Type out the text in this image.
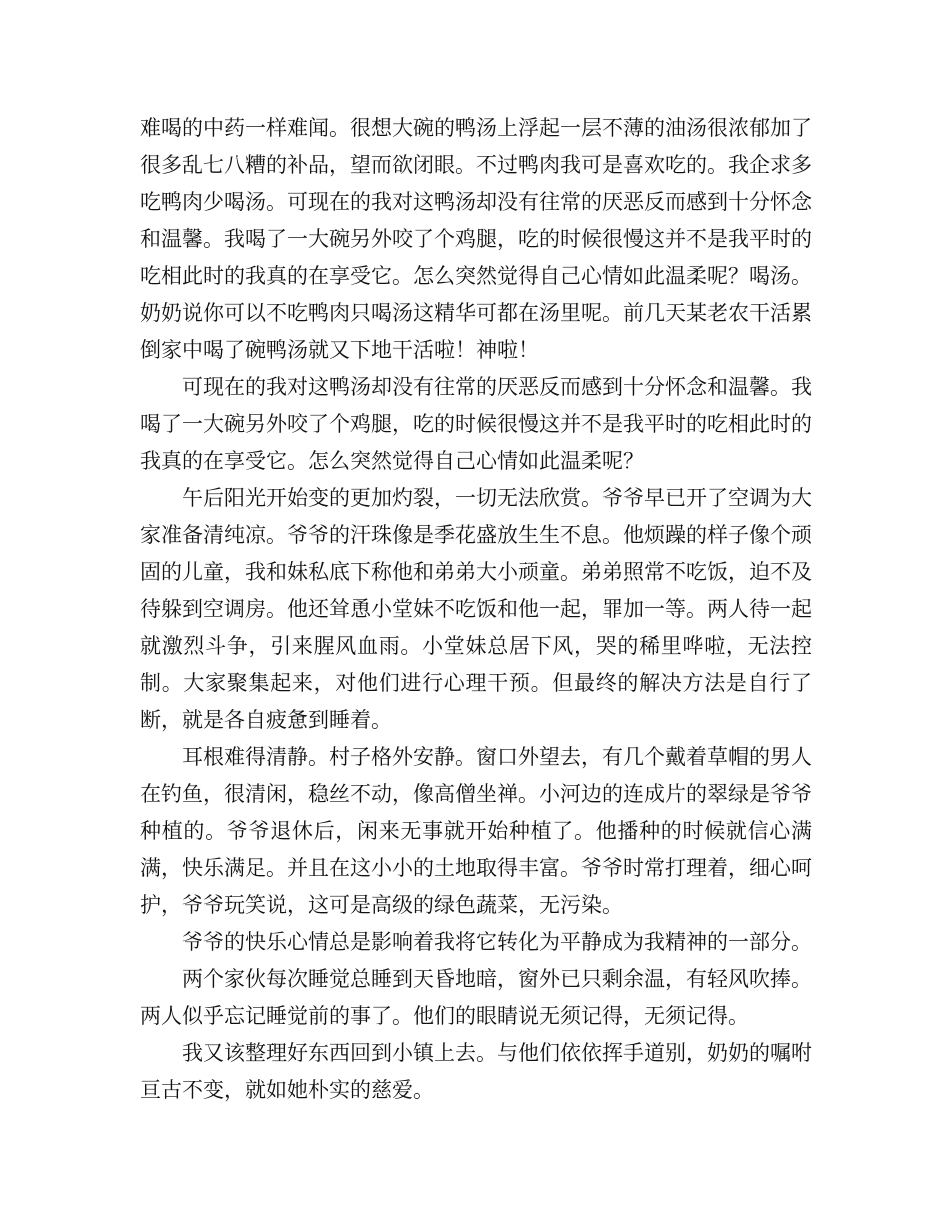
难喝的中药一样难闻。很想大碗的鸭汤上浮起一层不薄的油汤很浓郁加了很多乱七八糟的补品，望而欲闭眼。不过鸭肉我可是喜欢吃的。我企求多吃鸭肉少喝汤。可现在的我对这鸭汤却没有往常的厌恶反而感到十分怀念和温馨。我喝了一大碗另外咬了个鸡腿，吃的时候很慢这并不是我平时的吃相此时的我真的在享受它。怎么突然觉得自己心情如此温柔呢？喝汤。奶奶说你可以不吃鸭肉只喝汤这精华可都在汤里呢。前几天某老农干活累倒家中喝了碗鸭汤就又下地干活啦！神啦！

可现在的我对这鸭汤却没有往常的厌恶反而感到十分怀念和温馨。我喝了一大碗另外咬了个鸡腿，吃的时候很慢这并不是我平时的吃相此时的我真的在享受它。怎么突然觉得自己心情如此温柔呢？

午后阳光开始变的更加灼裂，一切无法欣赏。爷爷早已开了空调为大家准备清纯凉。爷爷的汗珠像是季花盛放生生不息。他烦躁的样子像个顽固的儿童，我和妹私底下称他和弟弟大小顽童。弟弟照常不吃饭，迫不及待躲到空调房。他还耸恿小堂妹不吃饭和他一起，罪加一等。两人待一起就激烈斗争，引来腥风血雨。小堂妹总居下风，哭的稀里哗啦，无法控制。大家聚集起来，对他们进行心理干预。但最终的解决方法是自行了断，就是各自疲惫到睡着。

耳根难得清静。村子格外安静。窗口外望去，有几个戴着草帽的男人在钓鱼，很清闲，稳丝不动，像高僧坐禅。小河边的连成片的翠绿是爷爷种植的。爷爷退休后，闲来无事就开始种植了。他播种的时候就信心满满，快乐满足。并且在这小小的土地取得丰富。爷爷时常打理着，细心呵护，爷爷玩笑说，这可是高级的绿色蔬菜，无污染。

爷爷的快乐心情总是影响着我将它转化为平静成为我精神的一部分。

两个家伙每次睡觉总睡到天昏地暗，窗外已只剩余温，有轻风吹捧。两人似乎忘记睡觉前的事了。他们的眼睛说无须记得，无须记得。

我又该整理好东西回到小镇上去。与他们依依挥手道别，奶奶的嘱咐亘古不变，就如她朴实的慈爱。
